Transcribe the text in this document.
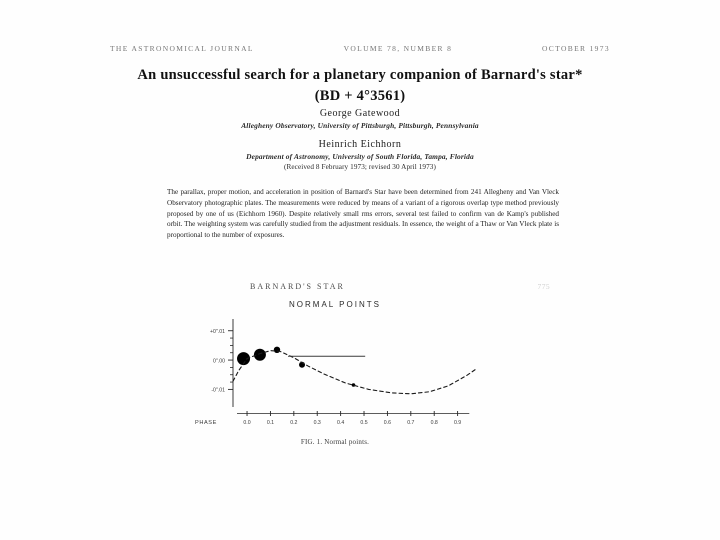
THE ASTRONOMICAL JOURNAL	VOLUME 78, NUMBER 8	OCTOBER 1973
An unsuccessful search for a planetary companion of Barnard's star*
(BD + 4°3561)
George Gatewood
Allegheny Observatory, University of Pittsburgh, Pittsburgh, Pennsylvania
Heinrich Eichhorn
Department of Astronomy, University of South Florida, Tampa, Florida
(Received 8 February 1973; revised 30 April 1973)
The parallax, proper motion, and acceleration in position of Barnard's Star have been determined from 241 Allegheny and Van Vleck Observatory photographic plates. The measurements were reduced by means of a variant of a rigorous overlap type method previously proposed by one of us (Eichhorn 1960). Despite relatively small rms errors, several test failed to confirm van de Kamp's published orbit. The weighting system was carefully studied from the adjustment residuals. In essence, the weight of a Thaw or Van Vleck plate is proportional to the number of exposures.
BARNARD'S STAR	775
NORMAL POINTS
+0".01
0".00
-0".01
0.0	0.1	0.2	0.3	0.4	0.5	0.6	0.7	0.8	0.9
PHASE
FIG. 1. Normal points.
